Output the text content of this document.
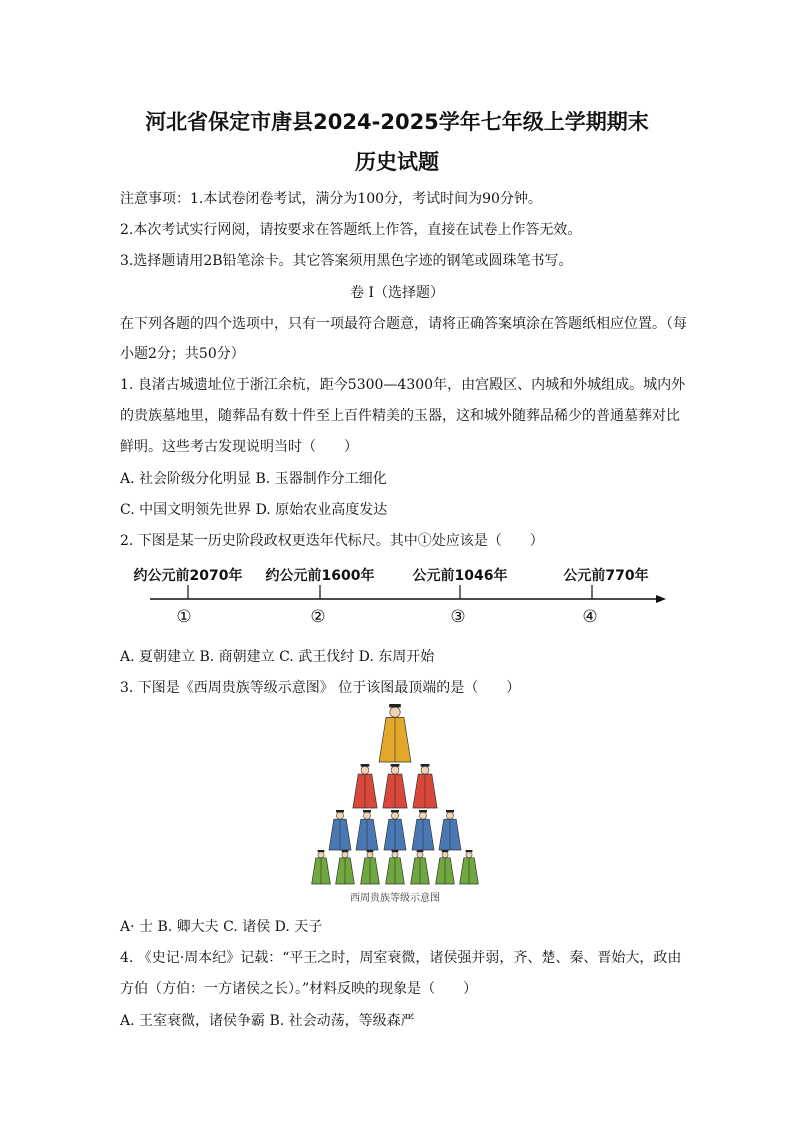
河北省保定市唐县2024-2025学年七年级上学期期末
历史试题
注意事项：1.本试卷闭卷考试，满分为100分，考试时间为90分钟。
2.本次考试实行网阅，请按要求在答题纸上作答，直接在试卷上作答无效。
3.选择题请用2B铅笔涂卡。其它答案须用黑色字迹的钢笔或圆珠笔书写。
卷 I（选择题）
在下列各题的四个选项中，只有一项最符合题意，请将正确答案填涂在答题纸相应位置。（每
小题2分；共50分）
1. 良渚古城遗址位于浙江余杭，距今5300—4300年，由宫殿区、内城和外城组成。城内外
的贵族墓地里，随葬品有数十件至上百件精美的玉器，这和城外随葬品稀少的普通墓葬对比
鲜明。这些考古发现说明当时（　　）
A. 社会阶级分化明显 B. 玉器制作分工细化
C. 中国文明领先世界 D. 原始农业高度发达
2. 下图是某一历史阶段政权更迭年代标尺。其中①处应该是（　　）
约公元前2070年 约公元前1600年	公元前1046年	公元前770年
①	②	③	④
A. 夏朝建立 B. 商朝建立 C. 武王伐纣 D. 东周开始
3. 下图是《西周贵族等级示意图》 位于该图最顶端的是（　　）
西周贵族等级示意图
A· 士 B. 卿大夫 C. 诸侯 D. 天子
4. 《史记·周本纪》记载：“平王之时，周室衰微，诸侯强并弱，齐、楚、秦、晋始大，政由
方伯（方伯：一方诸侯之长）。”材料反映的现象是（　　）
A. 王室衰微，诸侯争霸 B. 社会动荡，等级森严
